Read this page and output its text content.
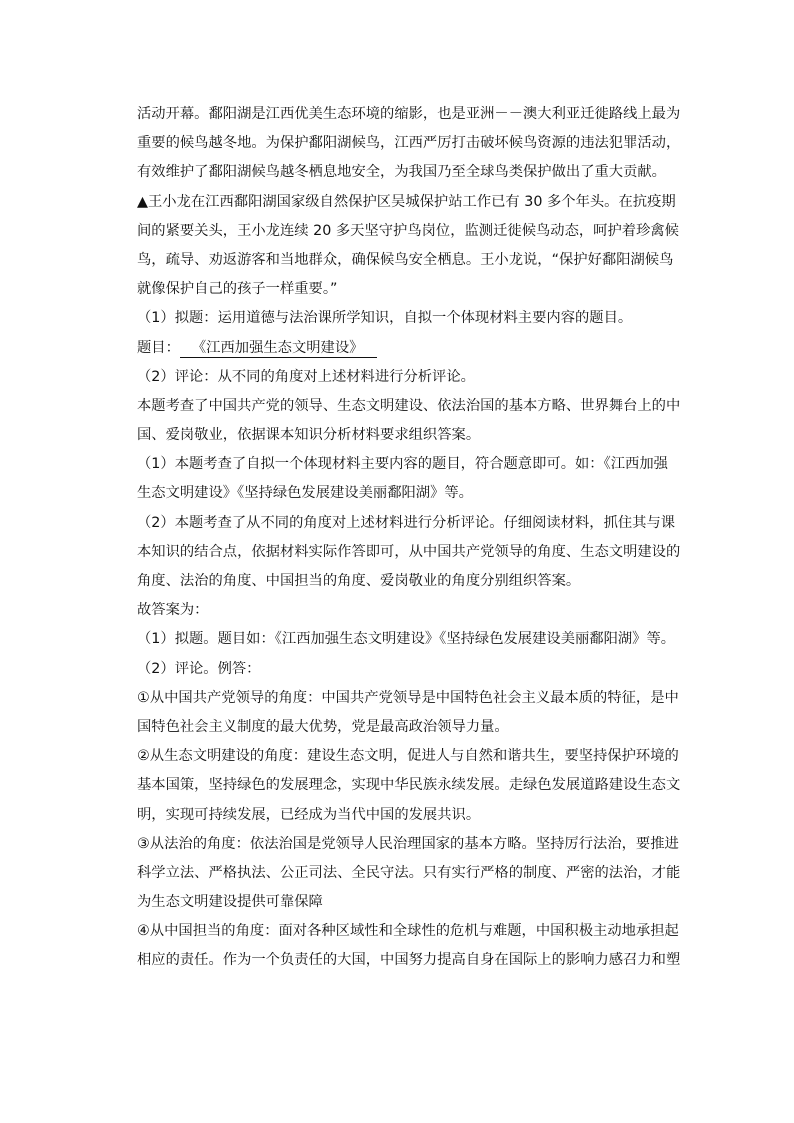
活动开幕。鄱阳湖是江西优美生态环境的缩影，也是亚洲－－澳大利亚迁徙路线上最为
重要的候鸟越冬地。为保护鄱阳湖候鸟，江西严厉打击破坏候鸟资源的违法犯罪活动，
有效维护了鄱阳湖候鸟越冬栖息地安全，为我国乃至全球鸟类保护做出了重大贡献。
▲王小龙在江西鄱阳湖国家级自然保护区吴城保护站工作已有 30 多个年头。在抗疫期
间的紧要关头，王小龙连续 20 多天坚守护鸟岗位，监测迁徙候鸟动态，呵护着珍禽候
鸟，疏导、劝返游客和当地群众，确保候鸟安全栖息。王小龙说，“保护好鄱阳湖候鸟
就像保护自己的孩子一样重要。”
（1）拟题：运用道德与法治课所学知识，自拟一个体现材料主要内容的题目。
题目： 《江西加强生态文明建设》
（2）评论：从不同的角度对上述材料进行分析评论。
本题考查了中国共产党的领导、生态文明建设、依法治国的基本方略、世界舞台上的中
国、爱岗敬业，依据课本知识分析材料要求组织答案。
（1）本题考查了自拟一个体现材料主要内容的题目，符合题意即可。如：《江西加强
生态文明建设》《坚持绿色发展建设美丽鄱阳湖》等。
（2）本题考查了从不同的角度对上述材料进行分析评论。仔细阅读材料，抓住其与课
本知识的结合点，依据材料实际作答即可，从中国共产党领导的角度、生态文明建设的
角度、法治的角度、中国担当的角度、爱岗敬业的角度分别组织答案。
故答案为：
（1）拟题。题目如：《江西加强生态文明建设》《坚持绿色发展建设美丽鄱阳湖》等。
（2）评论。例答：
①从中国共产党领导的角度：中国共产党领导是中国特色社会主义最本质的特征，是中
国特色社会主义制度的最大优势，党是最高政治领导力量。
②从生态文明建设的角度：建设生态文明，促进人与自然和谐共生，要坚持保护环境的
基本国策，坚持绿色的发展理念，实现中华民族永续发展。走绿色发展道路建设生态文
明，实现可持续发展，已经成为当代中国的发展共识。
③从法治的角度：依法治国是党领导人民治理国家的基本方略。坚持厉行法治，要推进
科学立法、严格执法、公正司法、全民守法。只有实行严格的制度、严密的法治，才能
为生态文明建设提供可靠保障
④从中国担当的角度：面对各种区域性和全球性的危机与难题，中国积极主动地承担起
相应的责任。作为一个负责任的大国，中国努力提高自身在国际上的影响力感召力和塑
